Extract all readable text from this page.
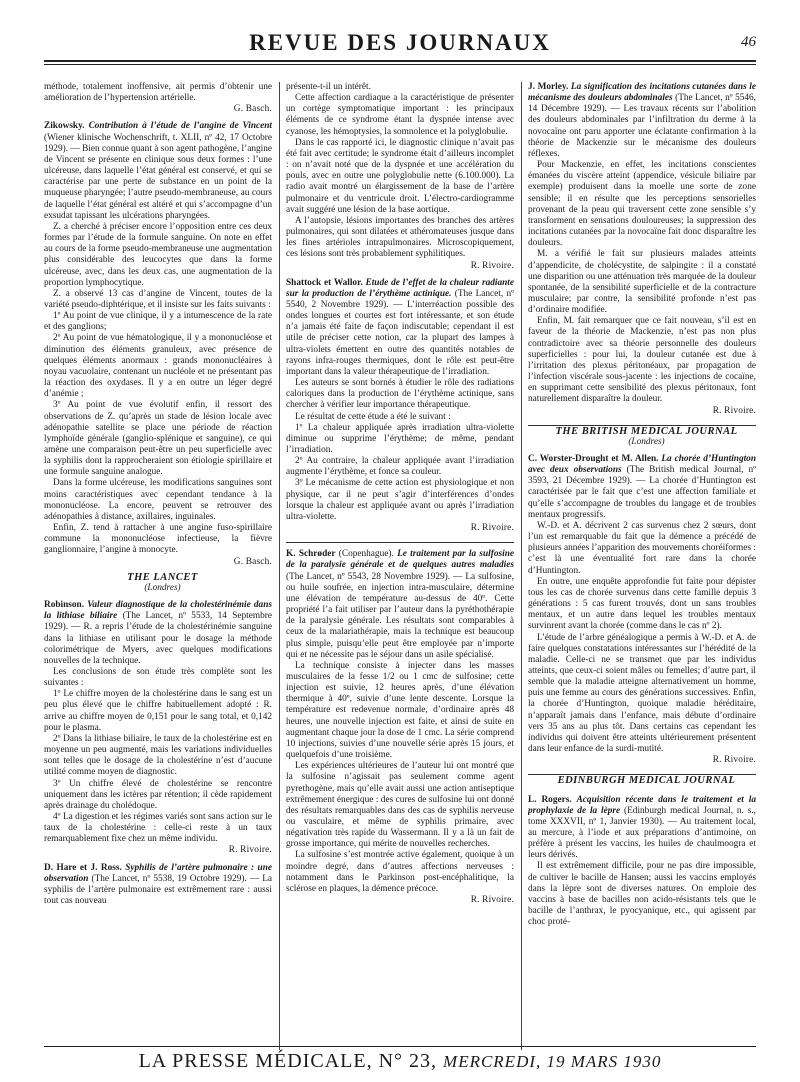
REVUE DES JOURNAUX	46

méthode, totalement inoffensive, ait permis d’obtenir une amélioration de l’hypertension artérielle.

G. Basch.

Zikowsky. Contribution à l’étude de l’angine de Vincent (Wiener klinische Wochenschrift, t. XLII, nº 42, 17 Octobre 1929). — Bien connue quant à son agent pathogène, l’angine de Vincent se présente en clinique sous deux formes : l’une ulcéreuse, dans laquelle l’état général est conservé, et qui se caractérise par une perte de substance en un point de la muqueuse pharyngée; l’autre pseudo-membraneuse, au cours de laquelle l’état général est altéré et qui s’accompagne d’un exsudat tapissant les ulcérations pharyngées.

Z. a cherché à préciser encore l’opposition entre ces deux formes par l’étude de la formule sanguine. On note en effet au cours de la forme pseudo-membraneuse une augmentation plus considérable des leucocytes que dans la forme ulcéreuse, avec, dans les deux cas, une augmentation de la proportion lymphocytique.

Z. a observé 13 cas d’angine de Vincent, toutes de la variété pseudo-diphtérique, et il insiste sur les faits suivants :

1º Au point de vue clinique, il y a intumescence de la rate et des ganglions;

2º Au point de vue hématologique, il y a mononucléose et diminution des éléments granuleux, avec présence de quelques éléments anormaux : grands mononucléaires à noyau vacuolaire, contenant un nucléole et ne présentant pas la réaction des oxydases. Il y a en outre un léger degré d’anémie ;

3º Au point de vue évolutif enfin, il ressort des observations de Z. qu’après un stade de lésion locale avec adénopathie satellite se place une période de réaction lymphoïde générale (ganglio-splénique et sanguine), ce qui amène une comparaison peut-être un peu superficielle avec la syphilis dont la rapprocheraient son étiologie spirillaire et une formule sanguine analogue.

Dans la forme ulcéreuse, les modifications sanguines sont moins caractéristiques avec cependant tendance à la mononucléose. La encore, peuvent se retrouver des adénopathies à distance, axillaires, inguinales.

Enfin, Z. tend à rattacher à une angine fuso-spirillaire commune la mononucléose infectieuse, la fièvre ganglionnaire, l’angine à monocyte.

G. Basch.

THE LANCET

(Londres)

Robinson. Valeur diagnostique de la cholestérinémie dans la lithiase biliaire (The Lancet, nº 5533, 14 Septembre 1929). — R. a repris l’étude de la cholestérinémie sanguine dans la lithiase en utilisant pour le dosage la méthode colorimétrique de Myers, avec quelques modifications nouvelles de la technique.

Les conclusions de son étude très complète sont les suivantes :

1º Le chiffre moyen de la cholestérine dans le sang est un peu plus élevé que le chiffre habituellement adopté : R. arrive au chiffre moyen de 0,151 pour le sang total, et 0,142 pour le plasma.

2º Dans la lithiase biliaire, le taux de la cholestérine est en moyenne un peu augmenté, mais les variations individuelles sont telles que le dosage de la cholestérine n’est d’aucune utilité comme moyen de diagnostic.

3º Un chiffre élevé de cholestérine se rencontre uniquement dans les ictères par rétention; il cède rapidement après drainage du cholédoque.

4º La digestion et les régimes variés sont sans action sur le taux de la cholestérine : celle-ci reste à un taux remarquablement fixe chez un même individu.

R. Rivoire.

D. Hare et J. Ross. Syphilis de l’artère pulmonaire : une observation (The Lancet, nº 5538, 19 Octobre 1929). — La syphilis de l’artère pulmonaire est extrêmement rare : aussi tout cas nouveau

présente-t-il un intérêt.

Cette affection cardiaque a la caractéristique de présenter un cortège symptomatique important : les principaux éléments de ce syndrome étant la dyspnée intense avec cyanose, les hémoptysies, la somnolence et la polyglobulie.

Dans le cas rapporté ici, le diagnostic clinique n’avait pas été fait avec certitude; le syndrome était d’ailleurs incomplet : on n’avait noté que de la dyspnée et une accélération du pouls, avec en outre une polyglobulie nette (6.100.000). La radio avait montré un élargissement de la base de l’artère pulmonaire et du ventricule droit. L’électro-cardiogramme avait suggéré une lésion de la base aortique.

A l’autopsie, lésions importantes des branches des artères pulmonaires, qui sont dilatées et athéromateuses jusque dans les fines artérioles intrapulmonaires. Microscopiquement, ces lésions sont très probablement syphilitiques.

R. Rivoire.

Shattock et Wallor. Etude de l’effet de la chaleur radiante sur la production de l’érythème actinique. (The Lancet, nº 5540, 2 Novembre 1929). — L’interréaction possible des ondes longues et courtes est fort intéressante, et son étude n’a jamais été faite de façon indiscutable; cependant il est utile de préciser cette notion, car la plupart des lampes à ultra-violets émettent en outre des quantités notables de rayons infra-rouges thermiques, dont le rôle est peut-être important dans la valeur thérapeutique de l’irradiation.

Les auteurs se sont bornés à étudier le rôle des radiations caloriques dans la production de l’érythème actinique, sans chercher à vérifier leur importance thérapeutique.

Le résultat de cette étude a été le suivant :

1º La chaleur appliquée après irradiation ultra-violette diminue ou supprime l’érythème; de même, pendant l’irradiation.

2º Au contraire, la chaleur appliquée avant l’irradiation augmente l’érythème, et fonce sa couleur.

3º Le mécanisme de cette action est physiologique et non physique, car il ne peut s’agir d’interférences d’ondes lorsque la chaleur est appliquée avant ou après l’irradiation ultra-violette.

R. Rivoire.

K. Schrøder (Copenhague). Le traitement par la sulfosine de la paralysie générale et de quelques autres maladies (The Lancet, nº 5543, 28 Novembre 1929). — La sulfosine, ou huile soufrée, en injection intra-musculaire, détermine une élévation de température au-dessus de 40º. Cette propriété l’a fait utiliser par l’auteur dans la pyréthothérapie de la paralysie générale. Les résultats sont comparables à ceux de la malariathérapie, mais la technique est beaucoup plus simple, puisqu’elle peut être employée par n’importe qui et ne nécessite pas le séjour dans un asile spécialisé.

La technique consiste à injecter dans les masses musculaires de la fesse 1/2 ou 1 cmc de sulfosine; cette injection est suivie, 12 heures après, d’une élévation thermique à 40º, suivie d’une lente descente. Lorsque la température est redevenue normale, d’ordinaire après 48 heures, une nouvelle injection est faite, et ainsi de suite en augmentant chaque jour la dose de 1 cmc. La série comprend 10 injections, suivies d’une nouvelle série après 15 jours, et quelquefois d’une troisième.

Les expériences ultérieures de l’auteur lui ont montré que la sulfosine n’agissait pas seulement comme agent pyrethogène, mais qu’elle avait aussi une action antiseptique extrêmement énergique : des cures de sulfosine lui ont donné des résultats remarquables dans des cas de syphilis nerveuse ou vasculaire, et même de syphilis primaire, avec négativation très rapide du Wassermann. Il y a là un fait de grosse importance, qui mérite de nouvelles recherches.

La sulfosine s’est montrée active également, quoique à un moindre degré, dans d’autres affections nerveuses : notamment dans le Parkinson post-encéphalitique, la sclérose en plaques, la démence précoce.

R. Rivoire.

J. Morley. La signification des incitations cutanées dans le mécanisme des douleurs abdominales (The Lancet, nº 5546, 14 Décembre 1929). — Les travaux récents sur l’abolition des douleurs abdominales par l’infiltration du derme à la novocaïne ont paru apporter une éclatante confirmation à la théorie de Mackenzie sur le mécanisme des douleurs réflexes.

Pour Mackenzie, en effet, les incitations conscientes émanées du viscère atteint (appendice, vésicule biliaire par exemple) produisent dans la moelle une sorte de zone sensible; il en résulte que les perceptions sensorielles provenant de la peau qui traversent cette zone sensible s’y transforment en sensations douloureuses; la suppression des incitations cutanées par la novocaïne fait donc disparaître les douleurs.

M. a vérifié le fait sur plusieurs malades atteints d’appendicite, de cholécystite, de salpingite : il a constaté une disparition ou une atténuation très marquée de la douleur spontanée, de la sensibilité superficielle et de la contracture musculaire; par contre, la sensibilité profonde n’est pas d’ordinaire modifiée.

Enfin, M. fait remarquer que ce fait nouveau, s’il est en faveur de la théorie de Mackenzie, n’est pas non plus contradictoire avec sa théorie personnelle des douleurs superficielles : pour lui, la douleur cutanée est due à l’irritation des plexus péritonéaux, par propagation de l’infection viscérale sous-jacente : les injections de cocaïne, en supprimant cette sensibilité des plexus péritonaux, font naturellement disparaître la douleur.

R. Rivoire.

THE BRITISH MEDICAL JOURNAL

(Londres)

C. Worster-Drought et M. Allen. La chorée d’Huntington avec deux observations (The British medical Journal, nº 3593, 21 Décembre 1929). — La chorée d’Huntington est caractérisée par le fait que c’est une affection familiale et qu’elle s’accompagne de troubles du langage et de troubles mentaux progressifs.

W.-D. et A. décrivent 2 cas survenus chez 2 sœurs, dont l’un est remarquable du fait que la démence a précédé de plusieurs années l’apparition des mouvements choréiformes : c’est là une éventualité fort rare dans la chorée d’Huntington.

En outre, une enquête approfondie fut faite pour dépister tous les cas de chorée survenus dans cette famille depuis 3 générations : 5 cas furent trouvés, dont un sans troubles mentaux, et un autre dans lequel les troubles mentaux survinrent avant la chorée (comme dans le cas nº 2).

L’étude de l’arbre généalogique a permis à W.-D. et A. de faire quelques constatations intéressantes sur l’hérédité de la maladie. Celle-ci ne se transmet que par les individus atteints, que ceux-ci soient mâles ou femelles; d’autre part, il semble que la maladie atteigne alternativement un homme, puis une femme au cours des générations successives. Enfin, la chorée d’Huntington, quoique maladie héréditaire, n’apparaît jamais dans l’enfance, mais débute d’ordinaire vers 35 ans au plus tôt. Dans certains cas cependant les individus qui doivent être atteints ultérieurement présentent dans leur enfance de la surdi-mutité.

R. Rivoire.

EDINBURGH MEDICAL JOURNAL

L. Rogers. Acquisition récente dans le traitement et la prophylaxie de la lèpre (Edinburgh medical Journal, n. s., tome XXXVII, nº 1, Janvier 1930). — Au traitement local, au mercure, à l’iode et aux préparations d’antimoine, on préfère à présent les vaccins, les huiles de chaulmoogra et leurs dérivés.

Il est extrêmement difficile, pour ne pas dire impossible, de cultiver le bacille de Hansen; aussi les vaccins employés dans la lèpre sont de diverses natures. On emploie des vaccins à base de bacilles non acido-résistants tels que le bacille de l’anthrax, le pyocyanique, etc., qui agissent par choc proté-

LA PRESSE MÉDICALE, N° 23, MERCREDI, 19 MARS 1930
